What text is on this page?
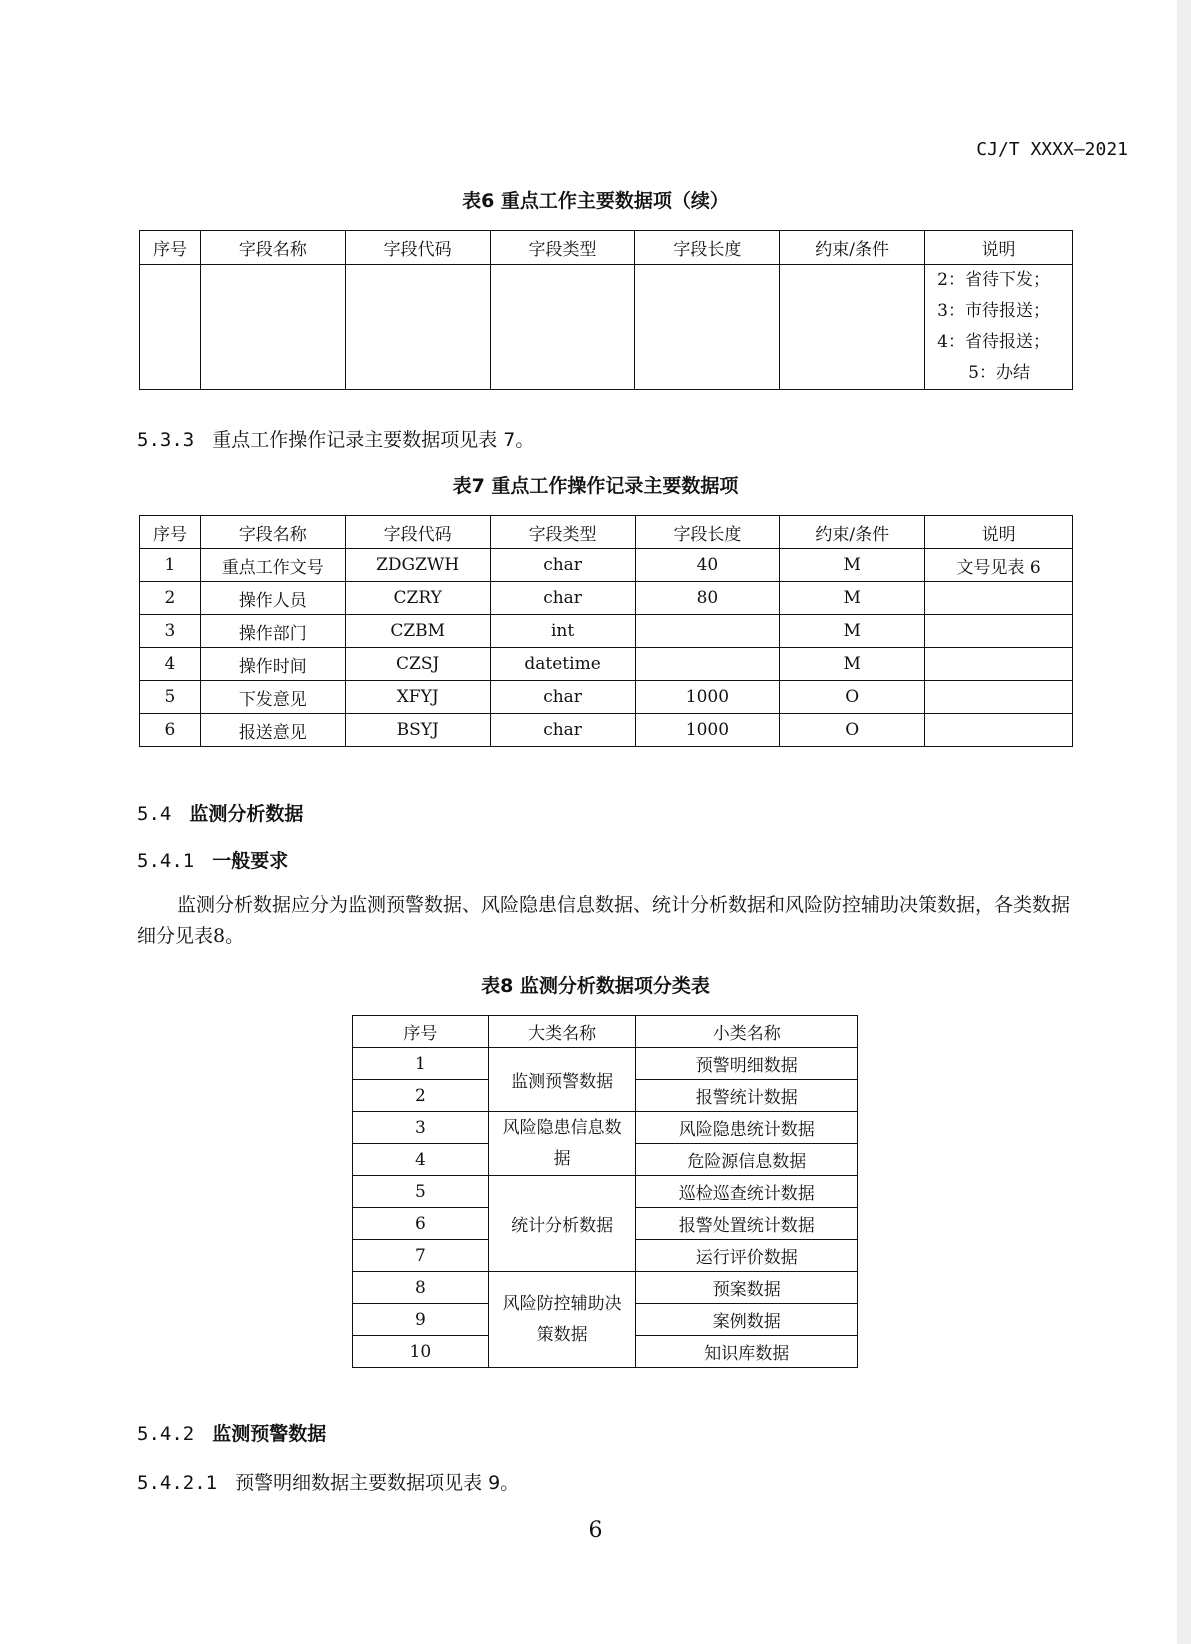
CJ/T XXXX—2021
表6 重点工作主要数据项（续）
序号	字段名称	字段代码	字段类型	字段长度	约束/条件	说明

						2：省待下发；
3：市待报送；
4：省待报送；
5：办结
5.3.3 重点工作操作记录主要数据项见表 7。
表7 重点工作操作记录主要数据项
序号	字段名称	字段代码	字段类型	字段长度	约束/条件	说明
1	重点工作文号	ZDGZWH	char	40	M	文号见表 6
2	操作人员	CZRY	char	80	M	
3	操作部门	CZBM	int		M	
4	操作时间	CZSJ	datetime		M	
5	下发意见	XFYJ	char	1000	O	
6	报送意见	BSYJ	char	1000	O	
5.4 监测分析数据
5.4.1 一般要求
监测分析数据应分为监测预警数据、风险隐患信息数据、统计分析数据和风险防控辅助决策数据，各类数据细分见表8。
表8 监测分析数据项分类表
序号	大类名称	小类名称
1	监测预警数据	预警明细数据
2		报警统计数据
3	风险隐患信息数据	风险隐患统计数据
4		危险源信息数据
5	统计分析数据	巡检巡查统计数据
6		报警处置统计数据
7		运行评价数据
8	风险防控辅助决策数据	预案数据
9		案例数据
10		知识库数据
5.4.2 监测预警数据
5.4.2.1 预警明细数据主要数据项见表 9。
6
